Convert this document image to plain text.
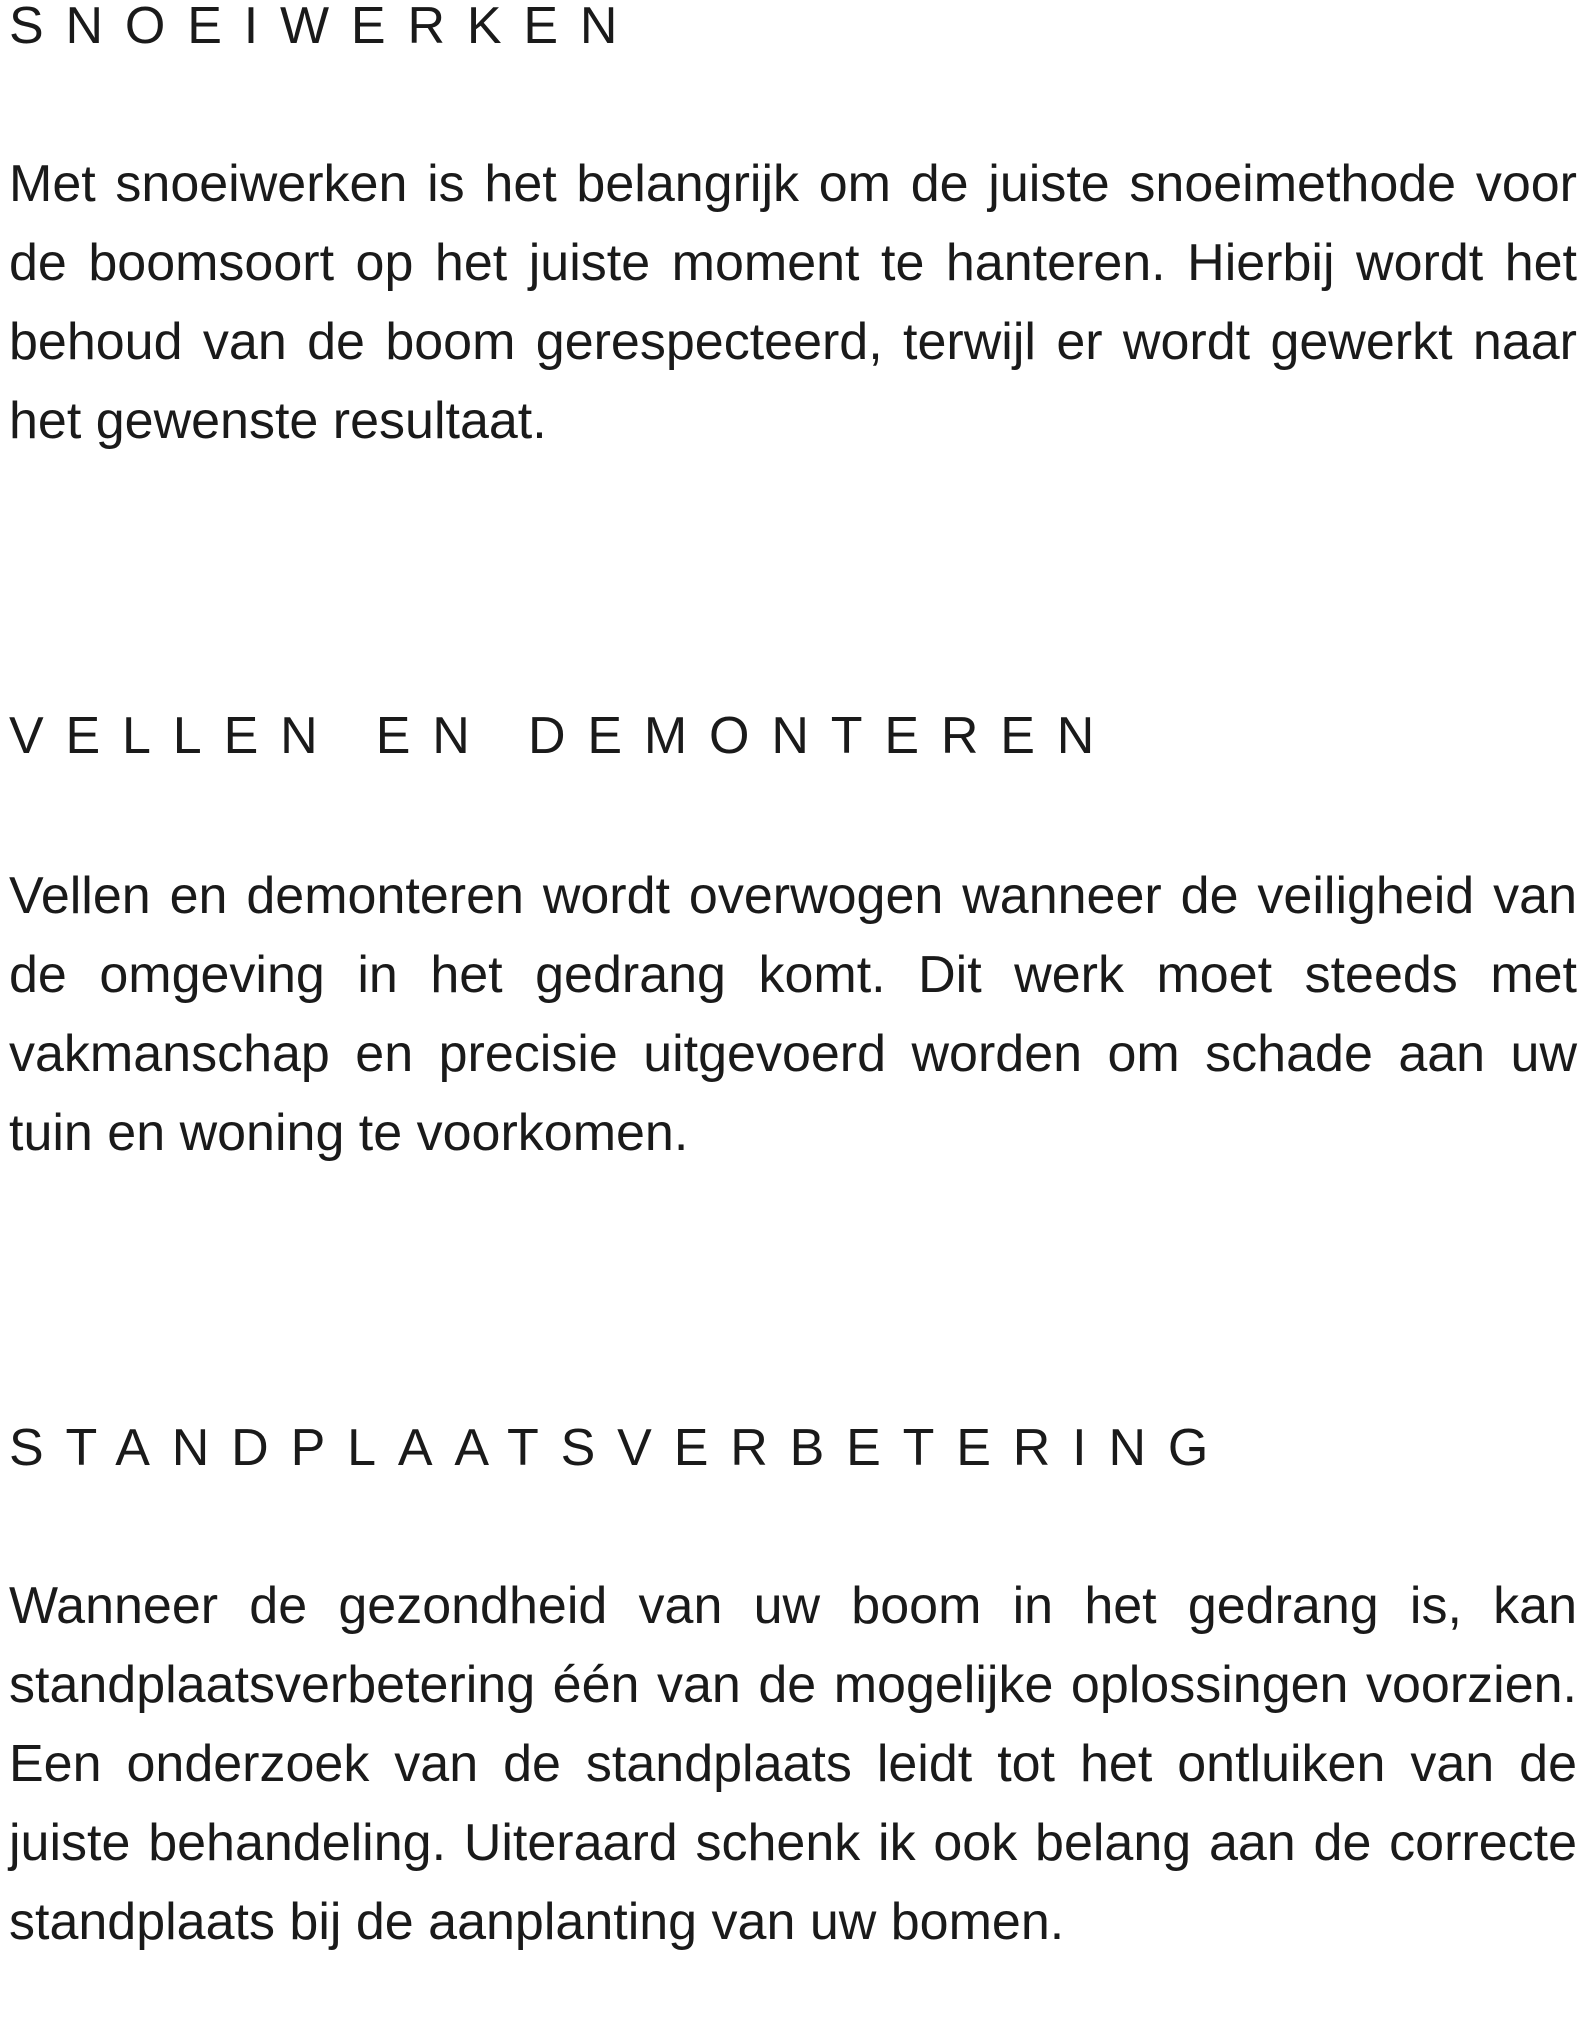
SNOEIWERKEN

Met snoeiwerken is het belangrijk om de juiste snoeimethode voor de boomsoort op het juiste moment te hanteren. Hierbij wordt het behoud van de boom gerespecteerd, terwijl er wordt gewerkt naar het gewenste resultaat.

VELLEN EN DEMONTEREN

Vellen en demonteren wordt overwogen wanneer de veiligheid van de omgeving in het gedrang komt. Dit werk moet steeds met vakmanschap en precisie uitgevoerd worden om schade aan uw tuin en woning te voorkomen.

STANDPLAATSVERBETERING

Wanneer de gezondheid van uw boom in het gedrang is, kan standplaatsverbetering één van de mogelijke oplossingen voorzien. Een onderzoek van de standplaats leidt tot het ontluiken van de juiste behandeling. Uiteraard schenk ik ook belang aan de correcte standplaats bij de aanplanting van uw bomen.
